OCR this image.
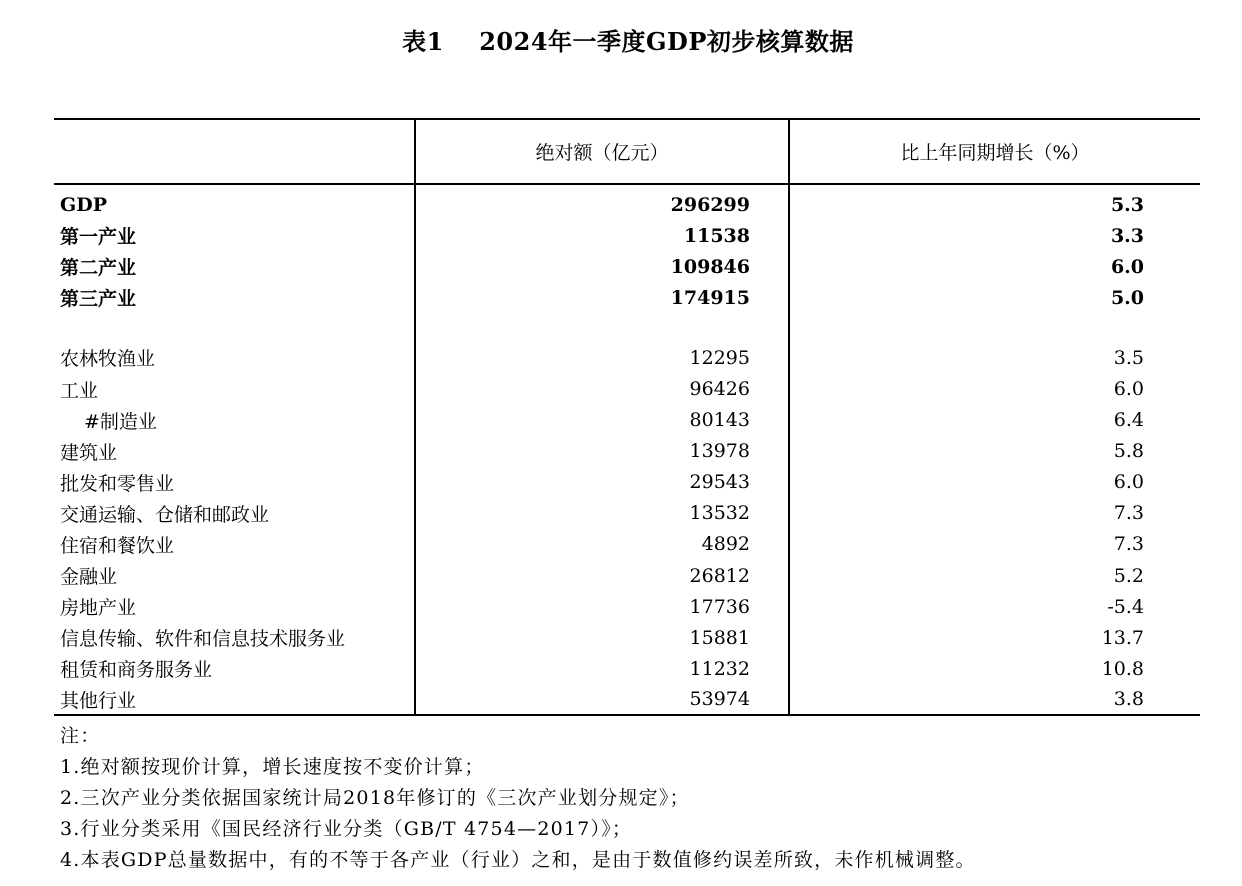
表1    2024年一季度GDP初步核算数据
	绝对额（亿元）	比上年同期增长（%）
GDP	296299	5.3
第一产业	11538	3.3
第二产业	109846	6.0
第三产业	174915	5.0

农林牧渔业	12295	3.5
工业	96426	6.0
#制造业	80143	6.4
建筑业	13978	5.8
批发和零售业	29543	6.0
交通运输、仓储和邮政业	13532	7.3
住宿和餐饮业	4892	7.3
金融业	26812	5.2
房地产业	17736	-5.4
信息传输、软件和信息技术服务业	15881	13.7
租赁和商务服务业	11232	10.8
其他行业	53974	3.8
注：
1.绝对额按现价计算，增长速度按不变价计算；
2.三次产业分类依据国家统计局2018年修订的《三次产业划分规定》；
3.行业分类采用《国民经济行业分类（GB/T 4754—2017）》；
4.本表GDP总量数据中，有的不等于各产业（行业）之和，是由于数值修约误差所致，未作机械调整。
